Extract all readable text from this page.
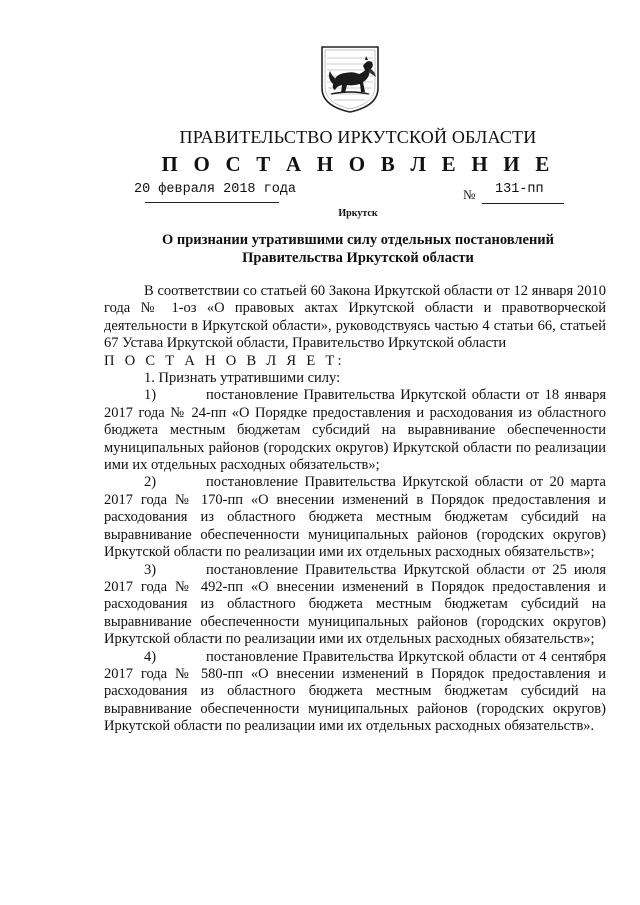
ПРАВИТЕЛЬСТВО ИРКУТСКОЙ ОБЛАСТИ
П О С Т А Н О В Л Е Н И Е
20 февраля 2018 года	№ 131-пп
Иркутск
О признании утратившими силу отдельных постановлений
Правительства Иркутской области

В соответствии со статьей 60 Закона Иркутской области от 12 января 2010 года № 1-оз «О правовых актах Иркутской области и правотворческой деятельности в Иркутской области», руководствуясь частью 4 статьи 66, статьей 67 Устава Иркутской области, Правительство Иркутской области

П О С Т А Н О В Л Я Е Т:

1. Признать утратившими силу:

1)	постановление Правительства Иркутской области от 18 января 2017 года № 24-пп «О Порядке предоставления и расходования из областного бюджета местным бюджетам субсидий на выравнивание обеспеченности муниципальных районов (городских округов) Иркутской области по реализации ими их отдельных расходных обязательств»;

2)	постановление Правительства Иркутской области от 20 марта 2017 года № 170-пп «О внесении изменений в Порядок предоставления и расходования из областного бюджета местным бюджетам субсидий на выравнивание обеспеченности муниципальных районов (городских округов) Иркутской области по реализации ими их отдельных расходных обязательств»;

3)	постановление Правительства Иркутской области от 25 июля 2017 года № 492-пп «О внесении изменений в Порядок предоставления и расходования из областного бюджета местным бюджетам субсидий на выравнивание обеспеченности муниципальных районов (городских округов) Иркутской области по реализации ими их отдельных расходных обязательств»;

4)	постановление Правительства Иркутской области от 4 сентября 2017 года № 580-пп «О внесении изменений в Порядок предоставления и расходования из областного бюджета местным бюджетам субсидий на выравнивание обеспеченности муниципальных районов (городских округов) Иркутской области по реализации ими их отдельных расходных обязательств».
